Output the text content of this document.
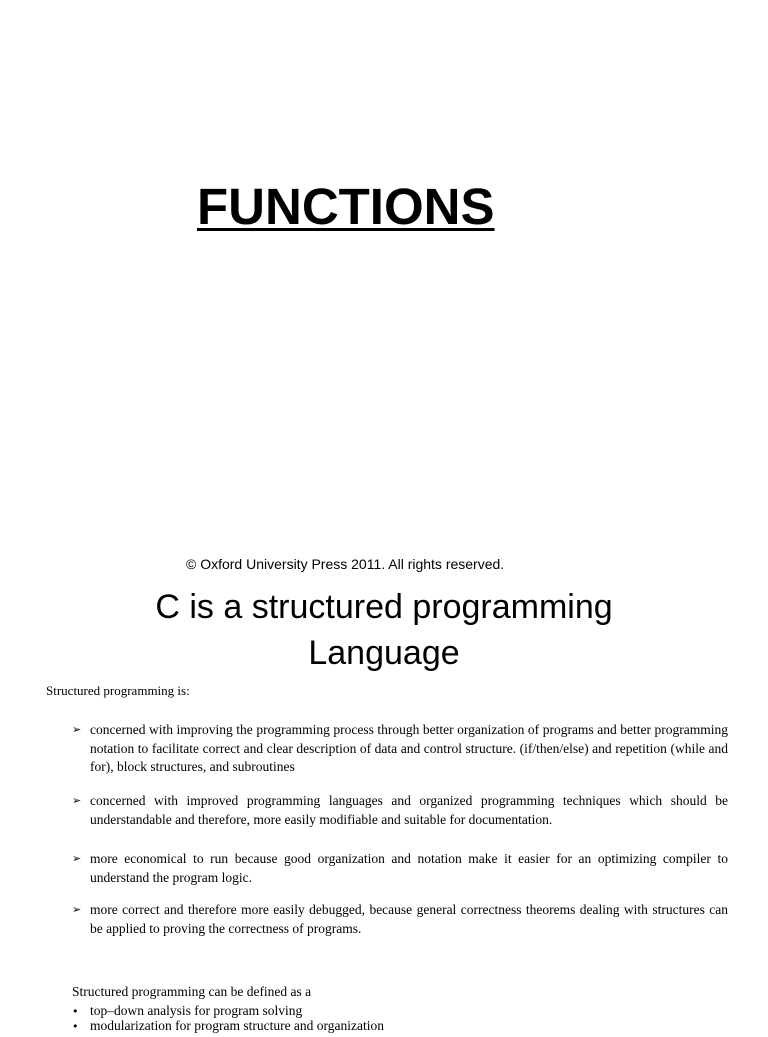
FUNCTIONS
© Oxford University Press 2011. All rights reserved.
C is a structured programming
Language
Structured programming is:
➢ concerned with improving the programming process through better organization of programs and better programming notation to facilitate correct and clear description of data and control structure. (if/then/else) and repetition (while and for), block structures, and subroutines
➢ concerned with improved programming languages and organized programming techniques which should be understandable and therefore, more easily modifiable and suitable for documentation.
➢ more economical to run because good organization and notation make it easier for an optimizing compiler to understand the program logic.
➢ more correct and therefore more easily debugged, because general correctness theorems dealing with structures can be applied to proving the correctness of programs.
Structured programming can be defined as a
• top–down analysis for program solving
• modularization for program structure and organization
